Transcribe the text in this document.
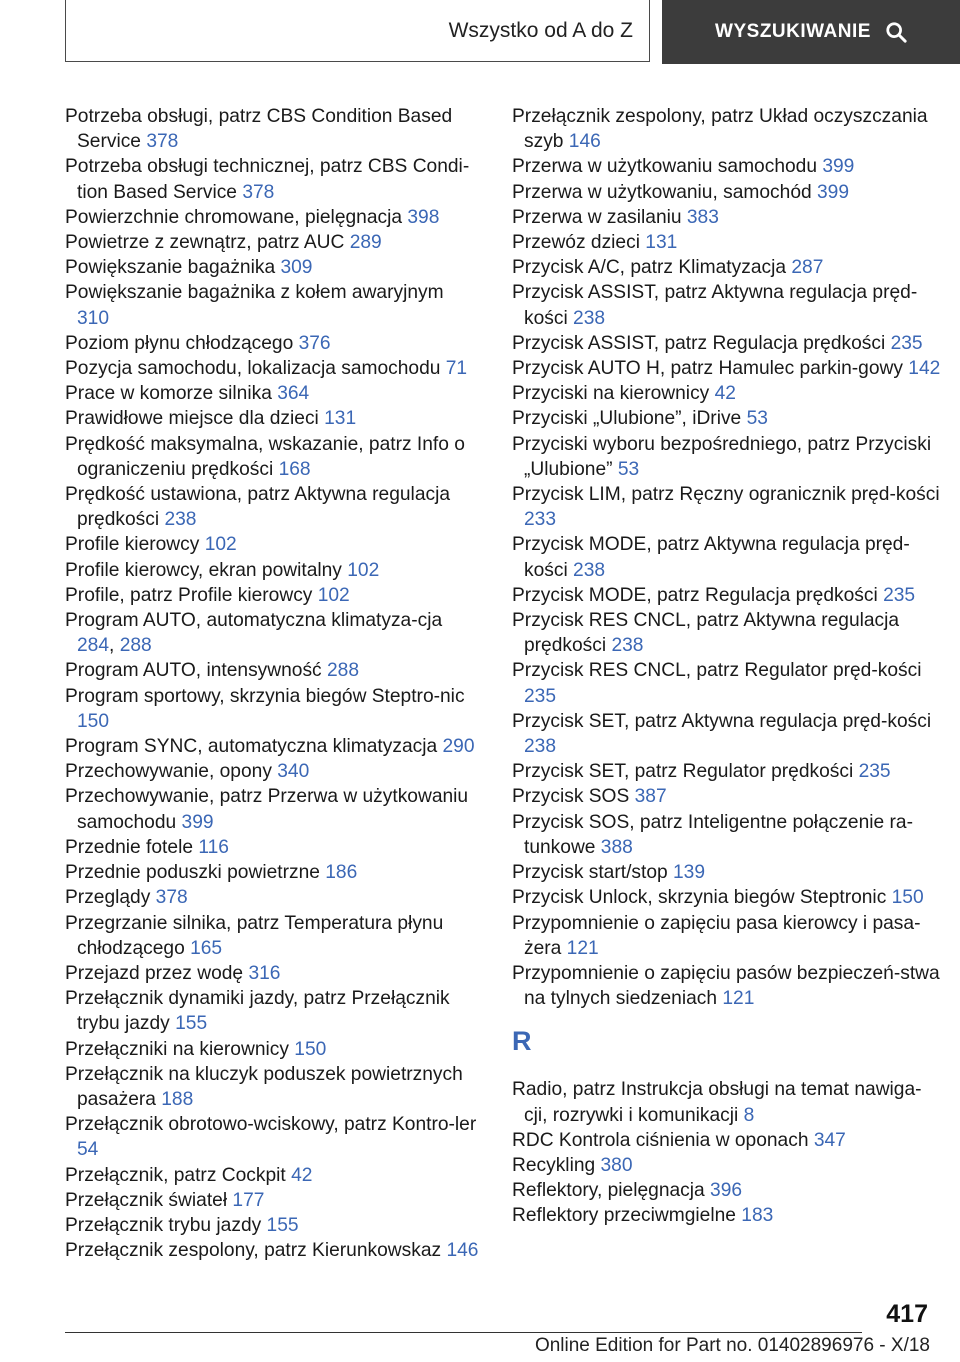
Wszystko od A do Z	WYSZUKIWANIE
Potrzeba obsługi, patrz CBS Condition Based Service 378
Potrzeba obsługi technicznej, patrz CBS Condi‐tion Based Service 378
Powierzchnie chromowane, pielęgnacja 398
Powietrze z zewnątrz, patrz AUC 289
Powiększanie bagażnika 309
Powiększanie bagażnika z kołem awaryjnym 310
Poziom płynu chłodzącego 376
Pozycja samochodu, lokalizacja samochodu 71
Prace w komorze silnika 364
Prawidłowe miejsce dla dzieci 131
Prędkość maksymalna, wskazanie, patrz Info o ograniczeniu prędkości 168
Prędkość ustawiona, patrz Aktywna regulacja prędkości 238
Profile kierowcy 102
Profile kierowcy, ekran powitalny 102
Profile, patrz Profile kierowcy 102
Program AUTO, automatyczna klimatyza‐cja 284, 288
Program AUTO, intensywność 288
Program sportowy, skrzynia biegów Steptro‐nic 150
Program SYNC, automatyczna klimatyzacja 290
Przechowywanie, opony 340
Przechowywanie, patrz Przerwa w użytkowaniu samochodu 399
Przednie fotele 116
Przednie poduszki powietrzne 186
Przeglądy 378
Przegrzanie silnika, patrz Temperatura płynu chłodzącego 165
Przejazd przez wodę 316
Przełącznik dynamiki jazdy, patrz Przełącznik trybu jazdy 155
Przełączniki na kierownicy 150
Przełącznik na kluczyk poduszek powietrznych pasażera 188
Przełącznik obrotowo-wciskowy, patrz Kontro‐ler 54
Przełącznik, patrz Cockpit 42
Przełącznik świateł 177
Przełącznik trybu jazdy 155
Przełącznik zespolony, patrz Kierunkowskaz 146
Przełącznik zespolony, patrz Układ oczyszczania szyb 146
Przerwa w użytkowaniu samochodu 399
Przerwa w użytkowaniu, samochód 399
Przerwa w zasilaniu 383
Przewóz dzieci 131
Przycisk A/C, patrz Klimatyzacja 287
Przycisk ASSIST, patrz Aktywna regulacja pręd‐kości 238
Przycisk ASSIST, patrz Regulacja prędkości 235
Przycisk AUTO H, patrz Hamulec parkin‐gowy 142
Przyciski na kierownicy 42
Przyciski „Ulubione”, iDrive 53
Przyciski wyboru bezpośredniego, patrz Przyciski „Ulubione” 53
Przycisk LIM, patrz Ręczny ogranicznik pręd‐kości 233
Przycisk MODE, patrz Aktywna regulacja pręd‐kości 238
Przycisk MODE, patrz Regulacja prędkości 235
Przycisk RES CNCL, patrz Aktywna regulacja prędkości 238
Przycisk RES CNCL, patrz Regulator pręd‐kości 235
Przycisk SET, patrz Aktywna regulacja pręd‐kości 238
Przycisk SET, patrz Regulator prędkości 235
Przycisk SOS 387
Przycisk SOS, patrz Inteligentne połączenie ra‐tunkowe 388
Przycisk start/stop 139
Przycisk Unlock, skrzynia biegów Steptronic 150
Przypomnienie o zapięciu pasa kierowcy i pasa‐żera 121
Przypomnienie o zapięciu pasów bezpieczeń‐stwa na tylnych siedzeniach 121
R
Radio, patrz Instrukcja obsługi na temat nawiga‐cji, rozrywki i komunikacji 8
RDC Kontrola ciśnienia w oponach 347
Recykling 380
Reflektory, pielęgnacja 396
Reflektory przeciwmgielne 183
417
Online Edition for Part no. 01402896976 - X/18
